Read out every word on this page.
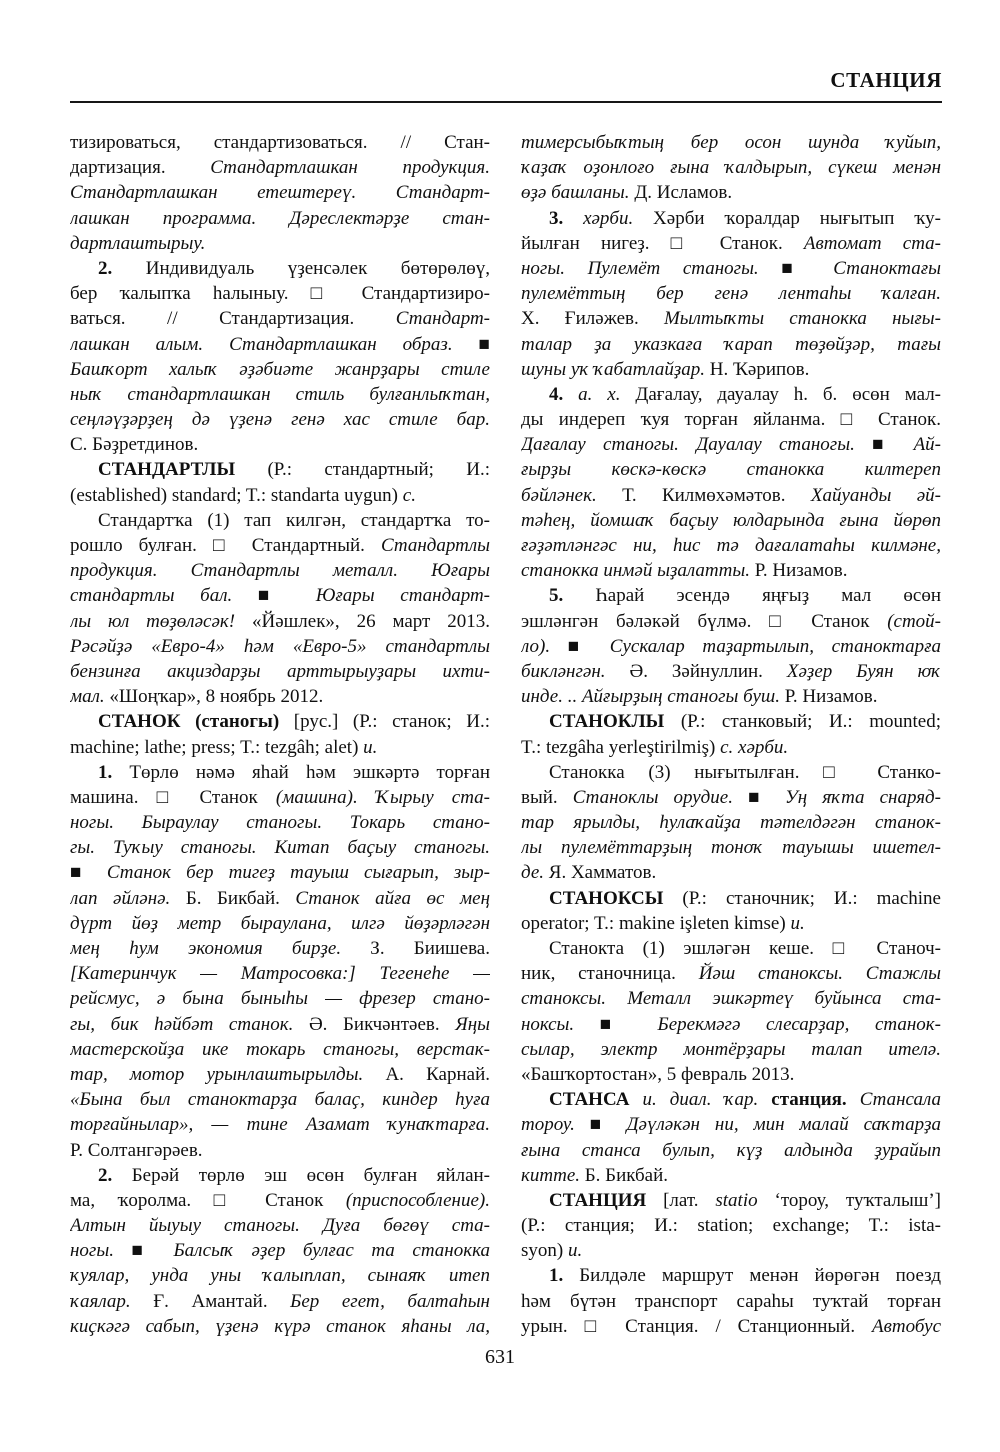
СТАНЦИЯ
тизироваться, стандартизоваться. // Стан-
дартизация. Стандартлашкан продукция.
Стандартлашкан етештереү. Стандарт-
лашкан программа. Дәреслектәрҙе стан-
дартлаштырыу.
2. Индивидуаль үҙенсәлек бөтөрөлөү,
бер ҡалыпҡа һалыныу. □ Стандартизиро-
ваться. // Стандартизация. Стандарт-
лашкан алым. Стандартлашкан образ. ■
Башҡорт халыҡ әҙәбиәте жанрҙары стиле
ныҡ стандартлашкан стиль булғанлыҡтан,
сеңләүҙәрҙең дә үҙенә генә хас стиле бар.
С. Бәҙретдинов.
СТАНДАРТЛЫ (Р.: стандартный; И.:
(established) standard; T.: standarta uygun) с.
Стандартҡа (1) тап килгән, стандартҡа то-
рошло булған. □ Стандартный. Стандартлы
продукция. Стандартлы металл. Юғары
стандартлы бал. ■ Юғары стандарт-
лы юл төҙөләсәк! «Йәшлек», 26 март 2013.
Рәсәйҙә «Евро-4» һәм «Евро-5» стандартлы
бензинға акциздарҙы арттырыуҙары ихти-
мал. «Шоңҡар», 8 ноябрь 2012.
СТАНОК (станогы) [рус.] (Р.: станок; И.:
machine; lathe; press; T.: tezgâh; alet) и.
1. Төрлө нәмә яһай һәм эшкәртә торған
машина. □ Станок (машина). Ҡырыу ста-
ногы. Быраулау станогы. Токарь стано-
гы. Туҡыу станогы. Китап баҫыу станогы.
■ Станок бер тигеҙ тауыш сығарып, зыр-
лап әйләнә. Б. Бикбай. Станок айға өс мең
дүрт йөҙ метр быраулана, илгә йөҙәрләгән
мең һум экономия бирҙе. З. Биишева.
[Катеринчук — Матросовка:] Тегенеһе —
рейсмус, ә бына быныһы — фрезер стано-
гы, бик һәйбәт станок. Ә. Бикчәнтәев. Яңы
мастерскойҙа ике токарь станогы, верстак-
тар, мотор урынлаштырылды. А. Карнай.
«Бына был станоктарҙа балаҫ, киндер һуға
торғайнылар», — тине Азамат ҡунаҡтарға.
Р. Солтангәрәев.
2. Берәй төрлө эш өсөн булған яйлан-
ма, ҡоролма. □ Станок (приспособление).
Алтын йыуыу станогы. Дуға бөгөү ста-
ногы. ■ Балсыҡ әҙер булғас та станокка
ҡуялар, унда уны ҡалыплап, сынаяҡ итеп
ҡаялар. Ғ. Амантай. Бер егет, балтаһын
киҫкәгә сабып, үҙенә күрә станок яһаны ла,
тимерсыбыҡтың бер осон шунда ҡуйып,
ҡаҙаҡ оҙонлоғо ғына ҡалдырып, сүкеш менән
өҙә башланы. Д. Исламов.
3. хәрби. Хәрби ҡоралдар нығытып ҡу-
йылған нигеҙ. □ Станок. Автомат ста-
ногы. Пулемёт станогы. ■ Станоктағы
пулемёттың бер генә лентаһы ҡалған.
Х. Ғиләжев. Мылтыҡты станокка нығы-
талар ҙа указкаға ҡарап төҙөйҙәр, тағы
шуны уҡ ҡабатлайҙар. Н. Ҡәрипов.
4. а. х. Дағалау, дауалау һ. б. өсөн мал-
ды индереп ҡуя торған яйланма. □ Станок.
Дағалау станогы. Дауалау станогы. ■ Ай-
ғырҙы көскә-көскә станокка килтереп
бәйләнек. Т. Килмөхәмәтов. Хайуанды әй-
тәһең, йомшаҡ баҫыу юлдарында ғына йөрөп
ғәҙәтләнгәс ни, һис тә дағалатаһы килмәне,
станокка инмәй ыҙалатты. Р. Низамов.
5. Һарай эсендә яңғыҙ мал өсөн
эшләнгән бәләкәй бүлмә. □ Станок (стой-
ло). ■ Сускалар таҙартылып, станоктарға
бикләнгән. Ә. Зәйнуллин. Хәҙер Буян юҡ
инде. .. Айғырҙың станогы буш. Р. Низамов.
СТАНОКЛЫ (Р.: станковый; И.: mounted;
T.: tezgâha yerleştirilmiş) с. хәрби.
Станокка (3) нығытылған. □ Станко-
вый. Станоклы орудие. ■ Уң яҡта снаряд-
тар ярылды, һулаҡайҙа тәтелдәгән станок-
лы пулемёттарҙың тоноҡ тауышы ишетел-
де. Я. Хамматов.
СТАНОКСЫ (Р.: станочник; И.: machine
operator; T.: makine işleten kimse) и.
Станокта (1) эшләгән кеше. □ Станоч-
ник, станочница. Йәш станоксы. Стажлы
станоксы. Металл эшкәртеү буйынса ста-
ноксы. ■ Берекмәгә слесарҙар, станок-
сылар, электр монтёрҙары талап ителә.
«Башҡортостан», 5 февраль 2013.
СТАНСА и. диал. ҡар. станция. Стансала
тороу. ■ Дәүләкән ни, мин малай саҡтарҙа
ғына станса булып, күҙ алдында ҙурайып
китте. Б. Бикбай.
СТАНЦИЯ [лат. statio ‘тороу, туҡталыш’]
(Р.: станция; И.: station; exchange; T.: ista-
syon) и.
1. Билдәле маршрут менән йөрөгән поезд
һәм бүтән транспорт сараһы туҡтай торған
урын. □ Станция. / Станционный. Автобус
631
